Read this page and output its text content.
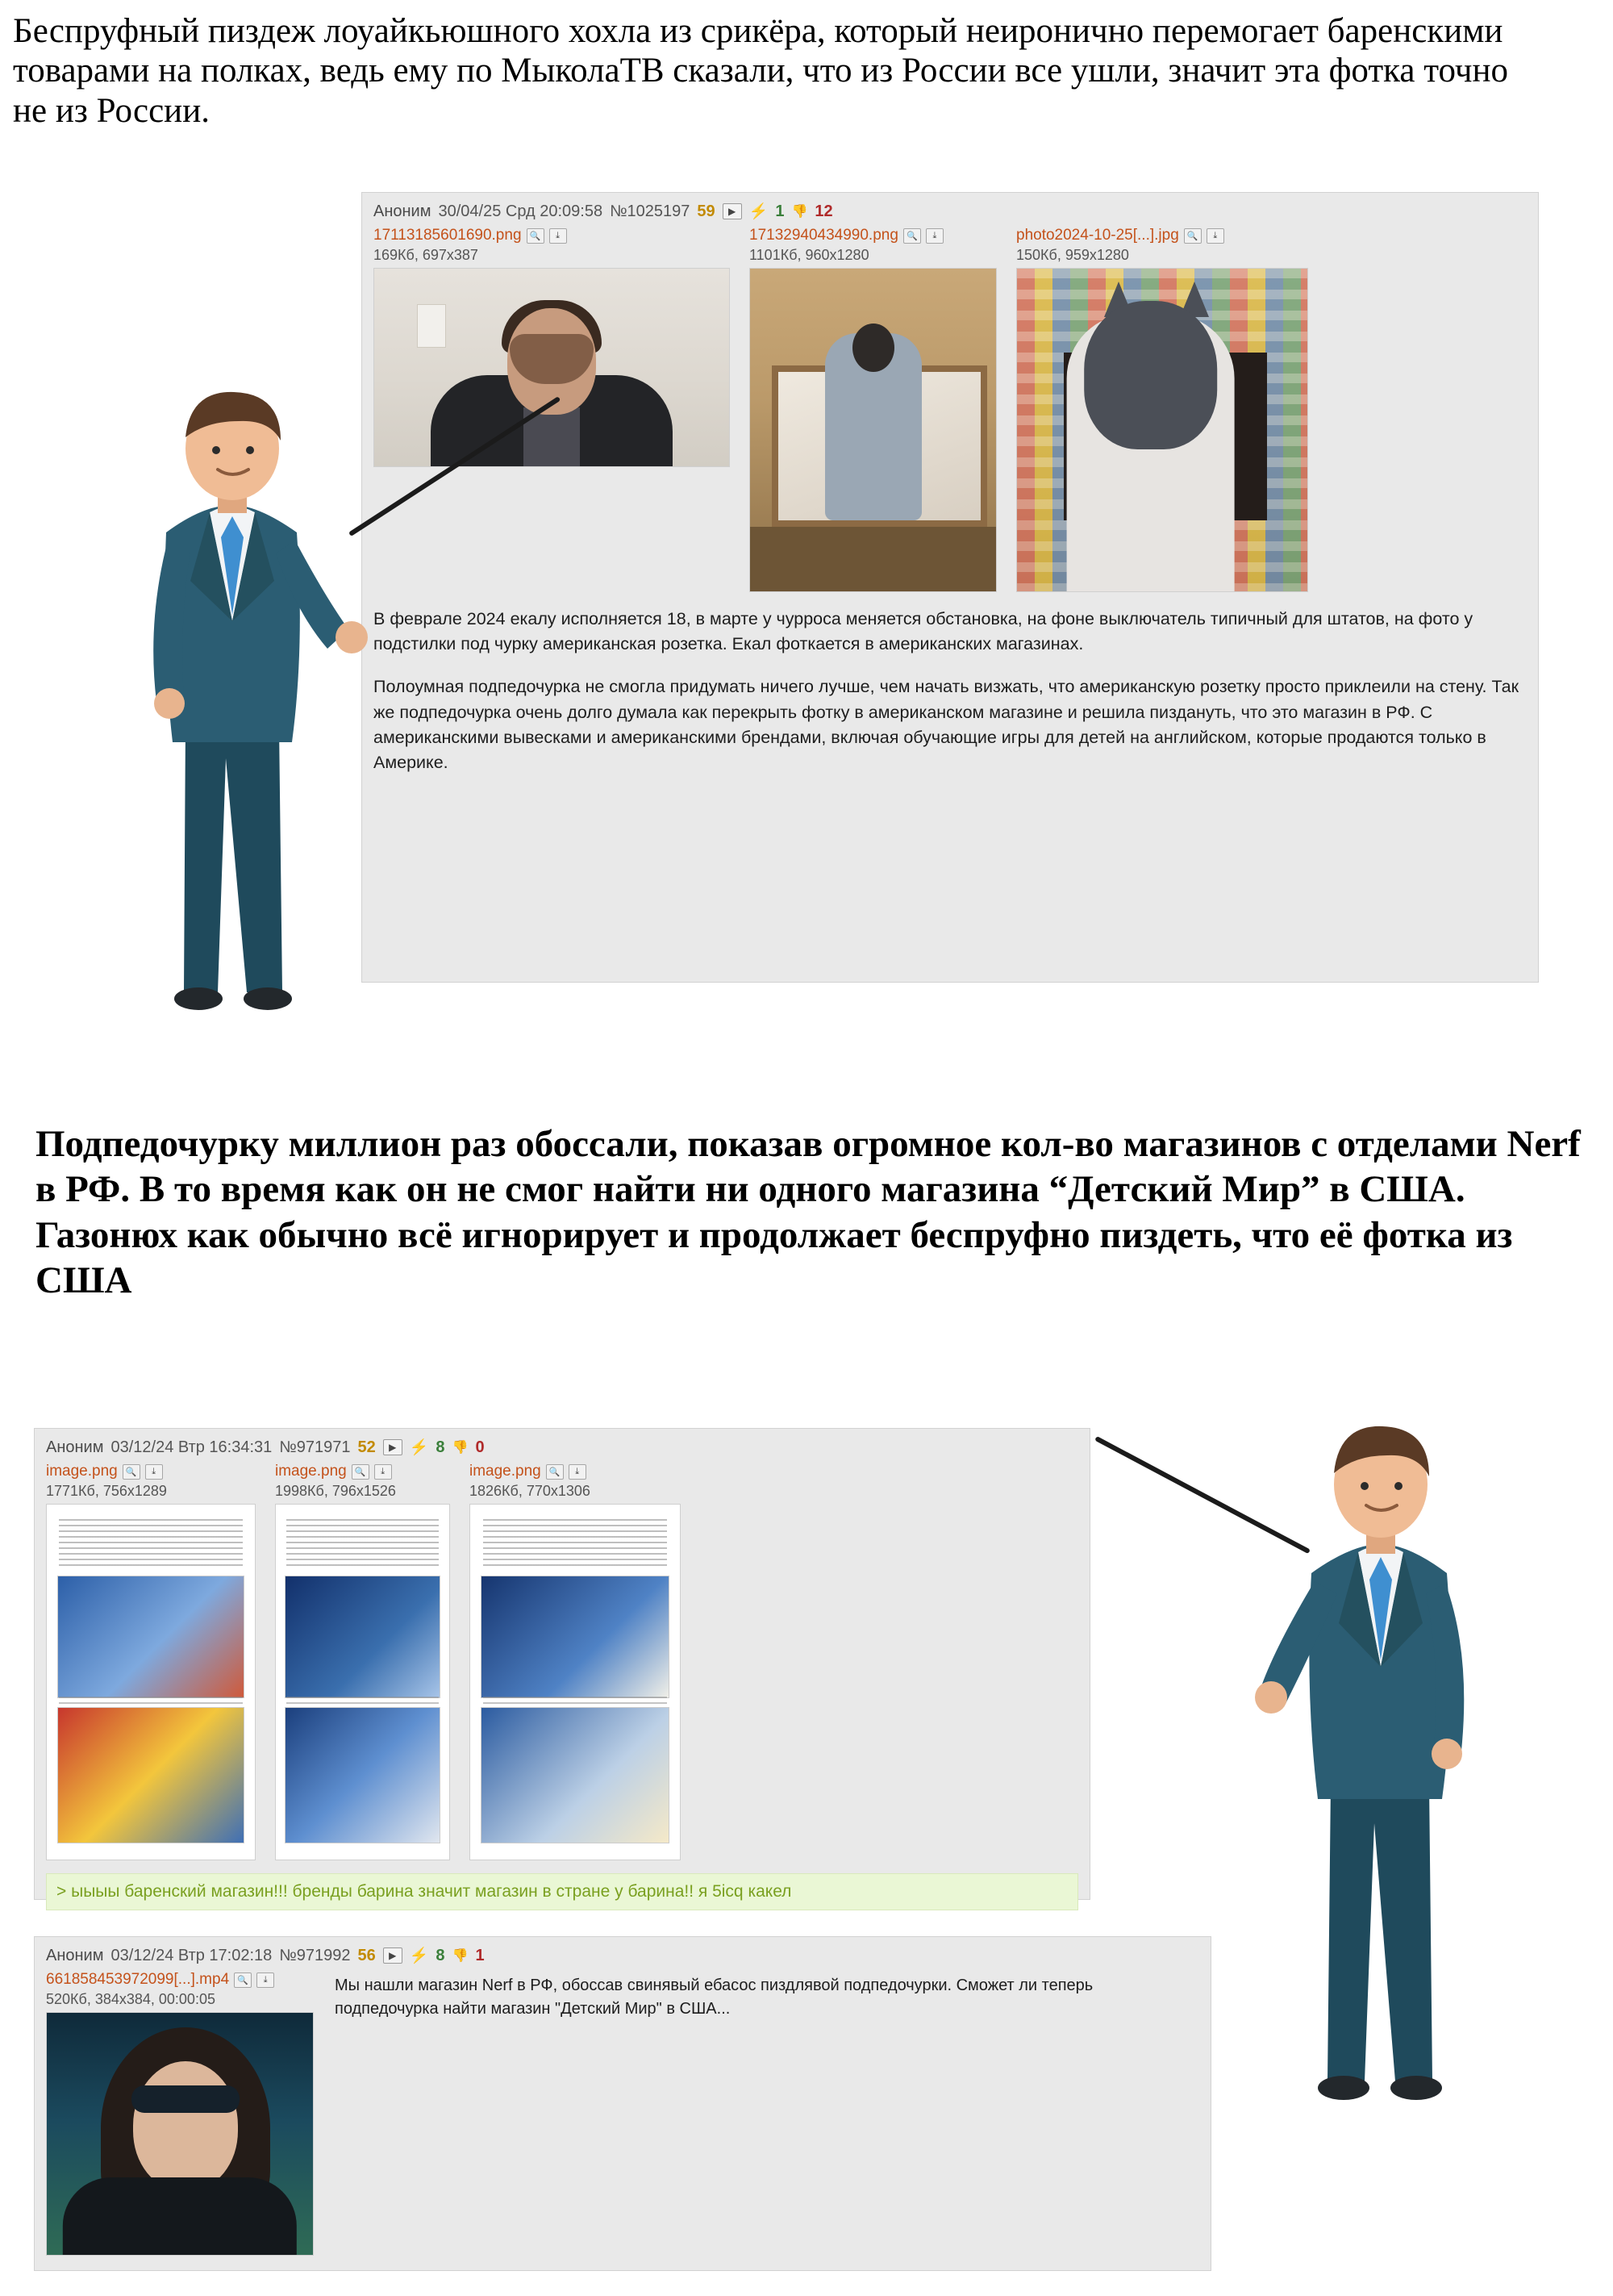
Беспруфный пиздеж лоуайкьюшного хохла из срикёра, который неиронично перемогает баренскими товарами на полках, ведь ему по МыколаТВ сказали, что из России все ушли, значит эта фотка точно не из России.
Аноним 30/04/25 Срд 20:09:58 №1025197 59	▶ ⚡ 1 👎 12
17113185601690.png 🔍	⤓
169Кб, 697x387
17132940434990.png 🔍	⤓
1101Кб, 960x1280
photo2024-10-25[...].jpg 🔍	⤓
150Кб, 959x1280

В феврале 2024 екалу исполняется 18, в марте у чурроса меняется обстановка, на фоне выключатель типичный для штатов, на фото у подстилки под чурку американская розетка. Екал фоткается в американских магазинах.

Полоумная подпедочурка не смогла придумать ничего лучше, чем начать визжать, что американскую розетку просто приклеили на стену. Так же подпедочурка очень долго думала как перекрыть фотку в американском магазине и решила пиздануть, что это магазин в РФ. С американскими вывесками и американскими брендами, включая обучающие игры для детей на английском, которые продаются только в Америке.

Подпедочурку миллион раз обоссали, показав огромное кол-во магазинов с отделами Nerf в РФ. В то время как он не смог найти ни одного магазина “Детский Мир” в США. Газонюх как обычно всё игнорирует и продолжает беспруфно пиздеть, что её фотка из США
Аноним 03/12/24 Втр 16:34:31 №971971 52	▶ ⚡ 8 👎 0
image.png 🔍	⤓
1771Кб, 756x1289
image.png 🔍	⤓
1998Кб, 796x1526
image.png 🔍	⤓
1826Кб, 770x1306
> ыыыы баренский магазин!!! бренды барина значит магазин в стране у барина!! я 5icq какел
Аноним 03/12/24 Втр 17:02:18 №971992 56	▶ ⚡ 8 👎 1
661858453972099[...].mp4 🔍	⤓
520Кб, 384x384, 00:00:05

Мы нашли магазин Nerf в РФ, обоссав свинявый ебасос пиздлявой подпедочурки. Сможет ли теперь подпедочурка найти магазин "Детский Мир" в США...
